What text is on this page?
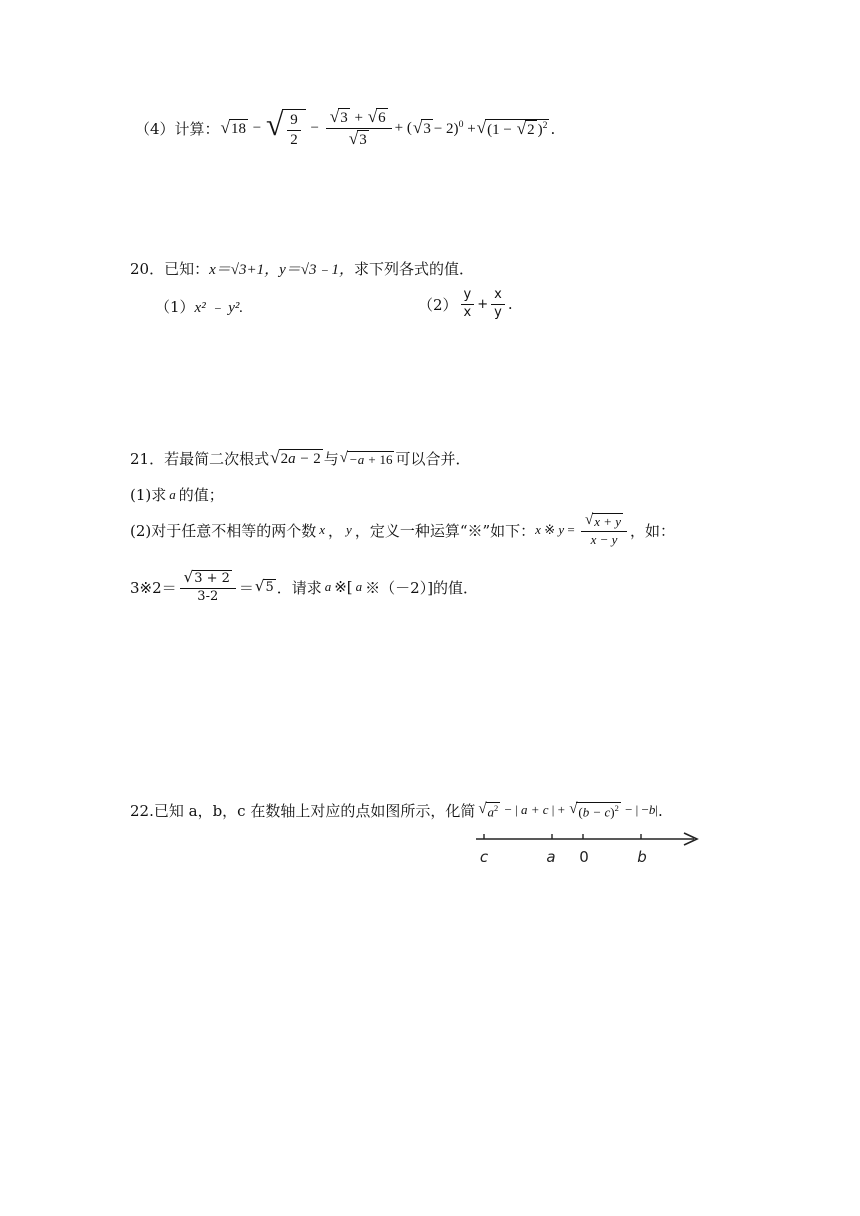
（4）计算： √ 18 − √ $\frac{9}{2} - \frac{√ 3 + √ 6}{√ 3}$ + ( √ 3 − 2)$^0$ + √ (1 − √ 2 )$^2$ .
20． 已知： x＝√3+1， y＝√3﹣1， 求下列各式的值．
（1） x² ﹣ y².	$(2) \frac{y}{x} + \frac{x}{y}$ .
21． 若最简二次根式 √ 2a − 2 与 √ −a + 16 可以合并．
(1)求 a 的值；
(2)对于任意不相等的两个数 x ， y ，定义一种运算“※”如下： x ※ $y = \frac{√ x + y}{x - y}$ ，如：
3※2＝ $\frac{√ 3 + 2}{3-2}$ ＝ √ 5 ．请求 a ※[ a ※（－2）]的值．
22. 已知 a，b，c 在数轴上对应的点如图所示，化简 √ $a^2$ − | a + c | + √ $(b - c)^2$ − | − b | .
c	a 0	b
